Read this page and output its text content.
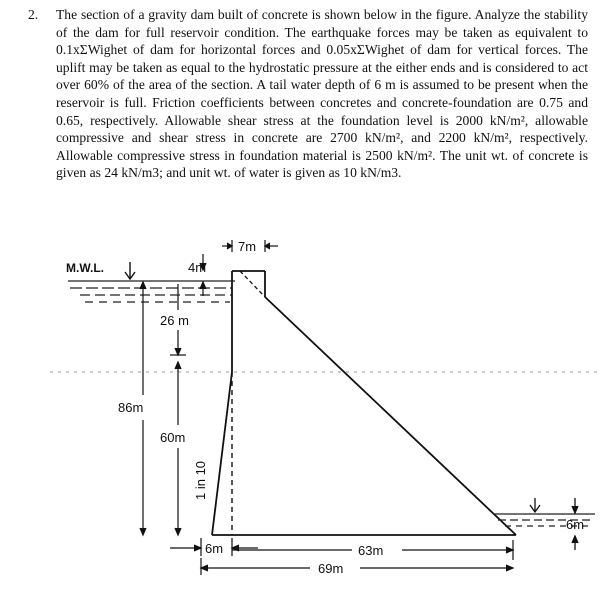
2. The section of a gravity dam built of concrete is shown below in the figure. Analyze the stability of the dam for full reservoir condition. The earthquake forces may be taken as equivalent to 0.1xΣWighet of dam for horizontal forces and 0.05xΣWighet of dam for vertical forces. The uplift may be taken as equal to the hydrostatic pressure at the either ends and is considered to act over 60% of the area of the section. A tail water depth of 6 m is assumed to be present when the reservoir is full. Friction coefficients between concretes and concrete-foundation are 0.75 and 0.65, respectively. Allowable shear stress at the foundation level is 2000 kN/m², allowable compressive and shear stress in concrete are 2700 kN/m², and 2200 kN/m², respectively. Allowable compressive stress in foundation material is 2500 kN/m². The unit wt. of concrete is given as 24 kN/m3; and unit wt. of water is given as 10 kN/m3.
M.W.L.
7m
4m
26 m
60m
86m
1 in 10
6m	63m
69m
6m
